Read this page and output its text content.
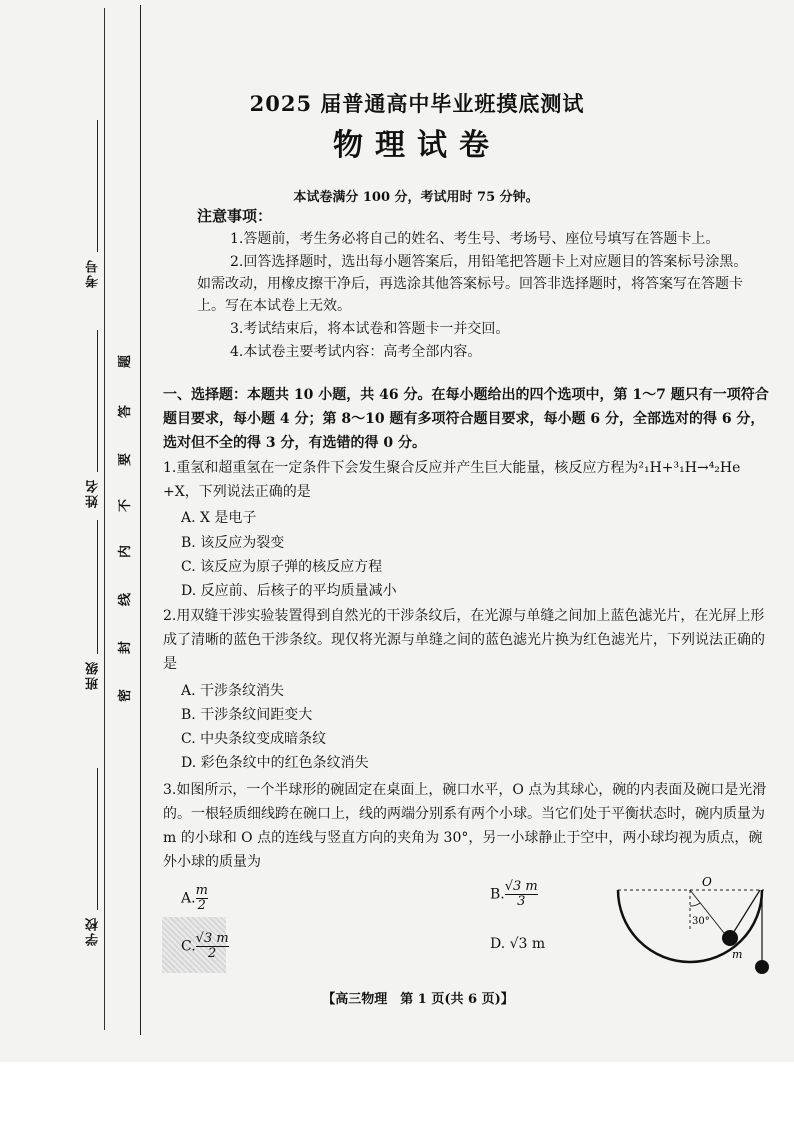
考号
姓名
班级
学校
题
答
要
不
内
线
封
密
2025 届普通高中毕业班摸底测试
物理试卷
本试卷满分 100 分，考试用时 75 分钟。
注意事项：
1.答题前，考生务必将自己的姓名、考生号、考场号、座位号填写在答题卡上。
2.回答选择题时，选出每小题答案后，用铅笔把答题卡上对应题目的答案标号涂黑。如需改动，用橡皮擦干净后，再选涂其他答案标号。回答非选择题时，将答案写在答题卡上。写在本试卷上无效。
3.考试结束后，将本试卷和答题卡一并交回。
4.本试卷主要考试内容：高考全部内容。
一、选择题：本题共 10 小题，共 46 分。在每小题给出的四个选项中，第 1～7 题只有一项符合题目要求，每小题 4 分；第 8～10 题有多项符合题目要求，每小题 6 分，全部选对的得 6 分，选对但不全的得 3 分，有选错的得 0 分。
1.重氢和超重氢在一定条件下会发生聚合反应并产生巨大能量，核反应方程为²₁H+³₁H→⁴₂He
+X，下列说法正确的是
A. X 是电子
B. 该反应为裂变
C. 该反应为原子弹的核反应方程
D. 反应前、后核子的平均质量减小
2.用双缝干涉实验装置得到自然光的干涉条纹后，在光源与单缝之间加上蓝色滤光片，在光屏上形成了清晰的蓝色干涉条纹。现仅将光源与单缝之间的蓝色滤光片换为红色滤光片，下列说法正确的是
A. 干涉条纹消失
B. 干涉条纹间距变大
C. 中央条纹变成暗条纹
D. 彩色条纹中的红色条纹消失
3.如图所示，一个半球形的碗固定在桌面上，碗口水平，O 点为其球心，碗的内表面及碗口是光滑的。一根轻质细线跨在碗口上，线的两端分别系有两个小球。当它们处于平衡状态时，碗内质量为 m 的小球和 O 点的连线与竖直方向的夹角为 30°，另一小球静止于空中，两小球均视为质点，碗外小球的质量为
A. $\frac{m}{2}$	B. $\frac{√3 m}{3}$
C. $\frac{√3 m}{2}$	D. √3 m
O
30°
m
【高三物理　第 1 页(共 6 页)】
